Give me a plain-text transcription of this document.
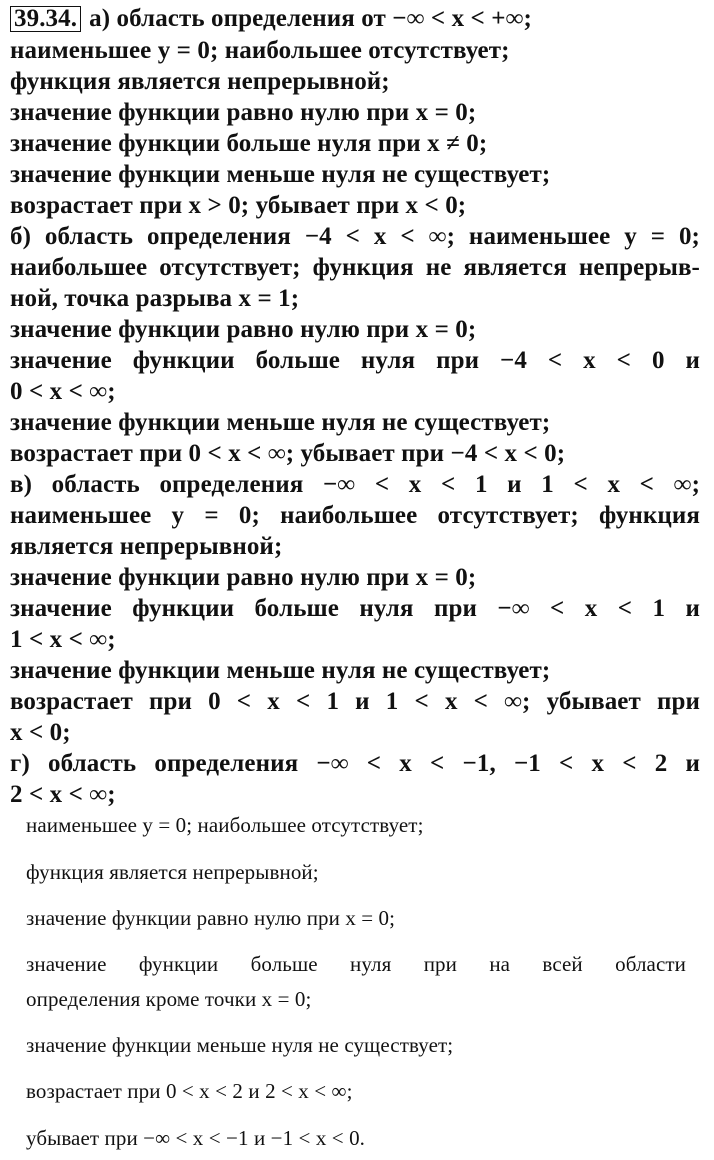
39.34. а) область определения от −∞ < x < +∞;
наименьшее y = 0; наибольшее отсутствует;
функция является непрерывной;
значение функции равно нулю при x = 0;
значение функции больше нуля при x ≠ 0;
значение функции меньше нуля не существует;
возрастает при x > 0; убывает при x < 0;
б) область определения −4 < x < ∞; наименьшее y = 0;
наибольшее отсутствует; функция не является непрерыв-
ной, точка разрыва x = 1;
значение функции равно нулю при x = 0;
значение функции больше нуля при −4 < x < 0 и
0 < x < ∞;
значение функции меньше нуля не существует;
возрастает при 0 < x < ∞; убывает при −4 < x < 0;
в) область определения −∞ < x < 1 и 1 < x < ∞;
наименьшее y = 0; наибольшее отсутствует; функция
является непрерывной;
значение функции равно нулю при x = 0;
значение функции больше нуля при −∞ < x < 1 и
1 < x < ∞;
значение функции меньше нуля не существует;
возрастает при 0 < x < 1 и 1 < x < ∞; убывает при
x < 0;
г) область определения −∞ < x < −1, −1 < x < 2 и
2 < x < ∞;
наименьшее y = 0; наибольшее отсутствует;
функция является непрерывной;
значение функции равно нулю при x = 0;
значение функции больше нуля при на всей области
определения кроме точки x = 0;
значение функции меньше нуля не существует;
возрастает при 0 < x < 2 и 2 < x < ∞;
убывает при −∞ < x < −1 и −1 < x < 0.
